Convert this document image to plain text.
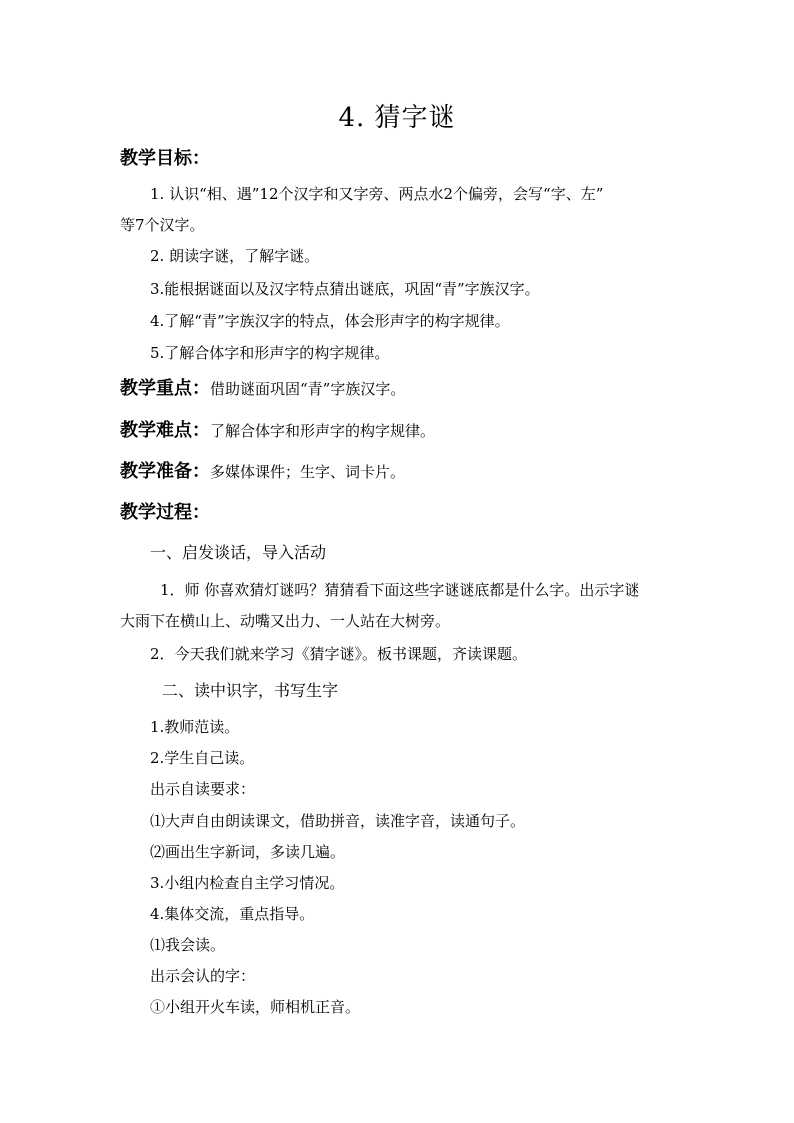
4. 猜字谜
教学目标：
1. 认识“相、遇”12个汉字和又字旁、两点水2个偏旁，会写“字、左”
等7个汉字。
2. 朗读字谜，了解字谜。
3.能根据谜面以及汉字特点猜出谜底，巩固“青”字族汉字。
4.了解“青”字族汉字的特点，体会形声字的构字规律。
5.了解合体字和形声字的构字规律。
教学重点：借助谜面巩固“青”字族汉字。
教学难点：了解合体字和形声字的构字规律。
教学准备：多媒体课件；生字、词卡片。
教学过程：
一、启发谈话，导入活动
1．师 你喜欢猜灯谜吗？猜猜看下面这些字谜谜底都是什么字。出示字谜
大雨下在横山上、动嘴又出力、一人站在大树旁。
2．今天我们就来学习《猜字谜》。板书课题，齐读课题。
二、读中识字，书写生字
1.教师范读。
2.学生自己读。
出示自读要求：
⑴大声自由朗读课文，借助拼音，读准字音，读通句子。
⑵画出生字新词，多读几遍。
3.小组内检查自主学习情况。
4.集体交流，重点指导。
⑴我会读。
出示会认的字：
①小组开火车读，师相机正音。
